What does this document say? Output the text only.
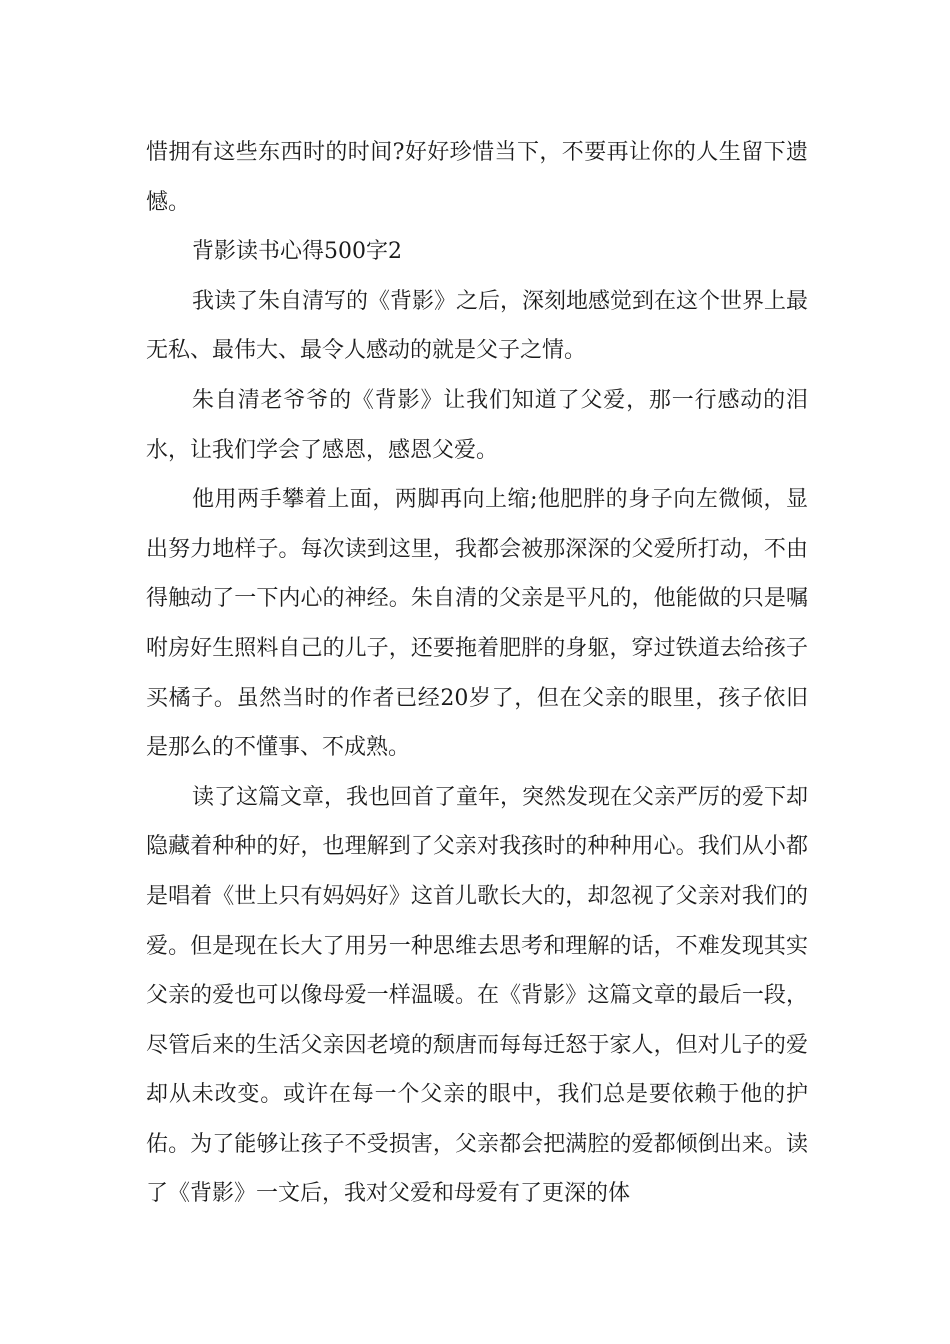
惜拥有这些东西时的时间?好好珍惜当下，不要再让你的人生留下遗憾。

背影读书心得500字2

我读了朱自清写的《背影》之后，深刻地感觉到在这个世界上最无私、最伟大、最令人感动的就是父子之情。

朱自清老爷爷的《背影》让我们知道了父爱，那一行感动的泪水，让我们学会了感恩，感恩父爱。

他用两手攀着上面，两脚再向上缩;他肥胖的身子向左微倾，显出努力地样子。每次读到这里，我都会被那深深的父爱所打动，不由得触动了一下内心的神经。朱自清的父亲是平凡的，他能做的只是嘱咐房好生照料自己的儿子，还要拖着肥胖的身躯，穿过铁道去给孩子买橘子。虽然当时的作者已经20岁了，但在父亲的眼里，孩子依旧是那么的不懂事、不成熟。

读了这篇文章，我也回首了童年，突然发现在父亲严厉的爱下却隐藏着种种的好，也理解到了父亲对我孩时的种种用心。我们从小都是唱着《世上只有妈妈好》这首儿歌长大的，却忽视了父亲对我们的爱。但是现在长大了用另一种思维去思考和理解的话，不难发现其实父亲的爱也可以像母爱一样温暖。在《背影》这篇文章的最后一段，尽管后来的生活父亲因老境的颓唐而每每迁怒于家人，但对儿子的爱却从未改变。或许在每一个父亲的眼中，我们总是要依赖于他的护佑。为了能够让孩子不受损害，父亲都会把满腔的爱都倾倒出来。读了《背影》一文后，我对父爱和母爱有了更深的体
